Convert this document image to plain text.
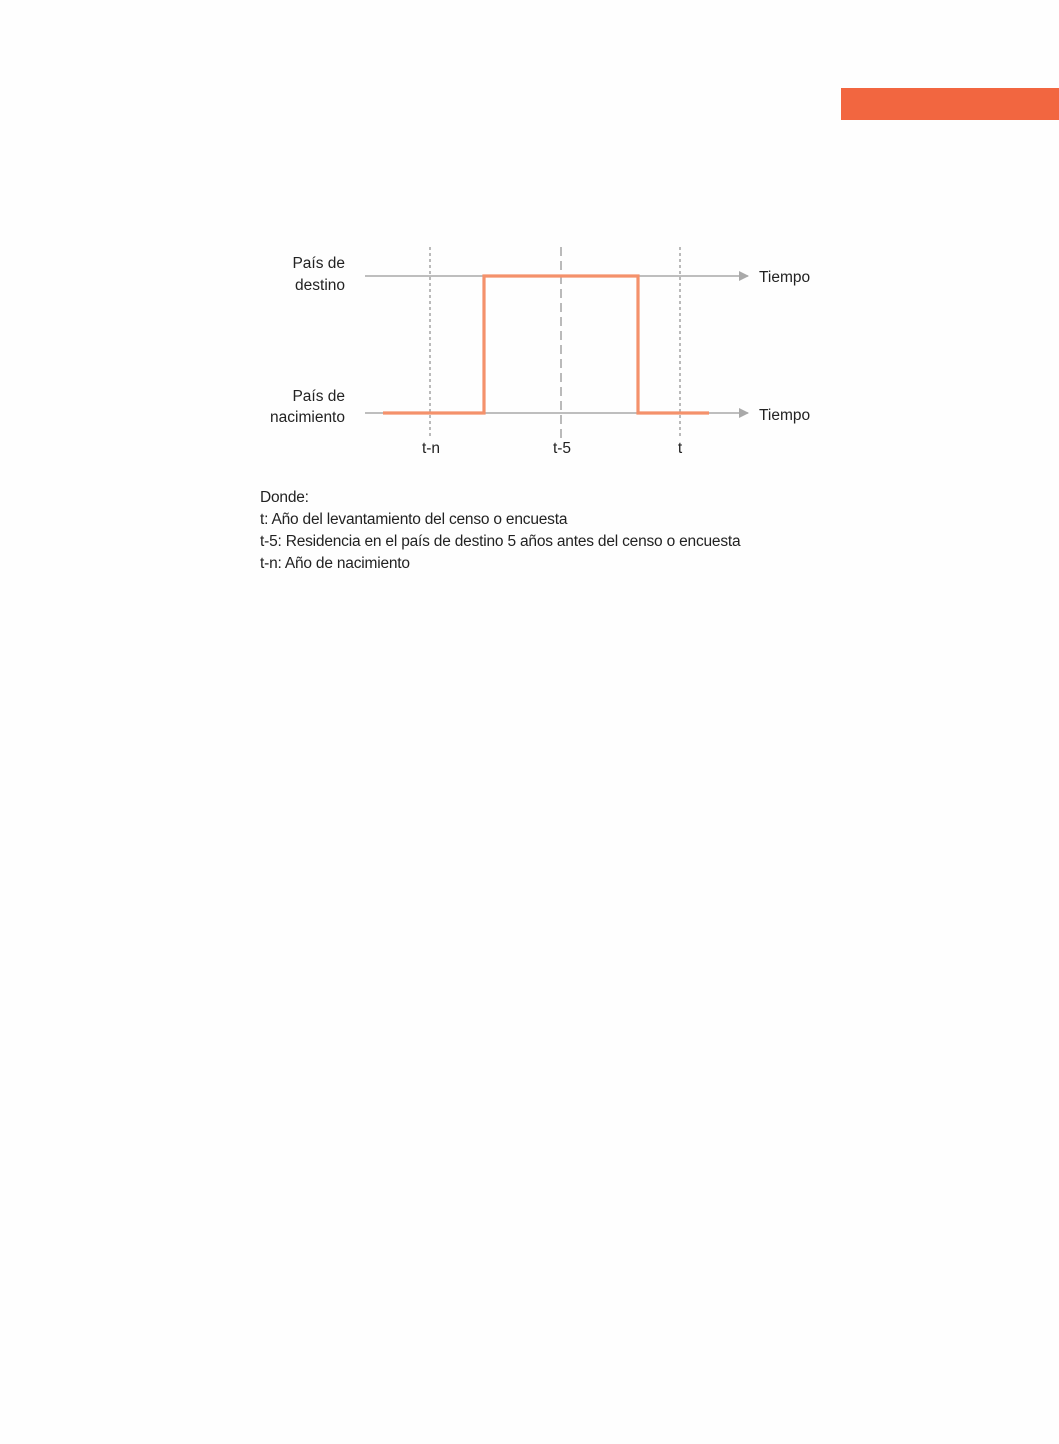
País de
destino
País de
nacimiento
Tiempo
Tiempo
t-n	t-5	t
Donde:
t: Año del levantamiento del censo o encuesta
t-5: Residencia en el país de destino 5 años antes del censo o encuesta
t-n: Año de nacimiento
